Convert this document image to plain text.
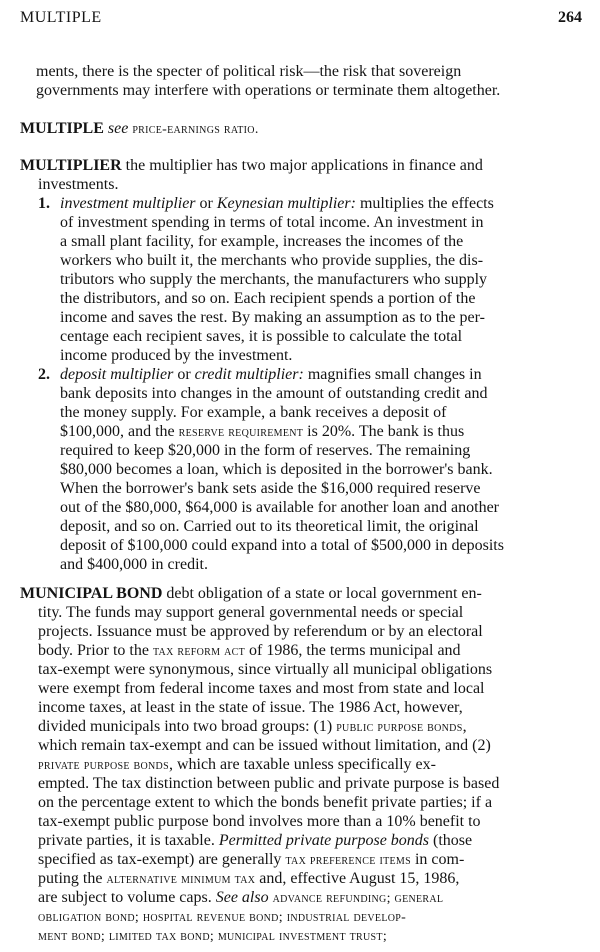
MULTIPLE	264
ments, there is the specter of political risk—the risk that sovereign
governments may interfere with operations or terminate them altogether.
MULTIPLE see price-earnings ratio.
MULTIPLIER the multiplier has two major applications in finance and
investments.
1. investment multiplier or Keynesian multiplier: multiplies the effects
of investment spending in terms of total income. An investment in
a small plant facility, for example, increases the incomes of the
workers who built it, the merchants who provide supplies, the dis-
tributors who supply the merchants, the manufacturers who supply
the distributors, and so on. Each recipient spends a portion of the
income and saves the rest. By making an assumption as to the per-
centage each recipient saves, it is possible to calculate the total
income produced by the investment.
2. deposit multiplier or credit multiplier: magnifies small changes in
bank deposits into changes in the amount of outstanding credit and
the money supply. For example, a bank receives a deposit of
$100,000, and the reserve requirement is 20%. The bank is thus
required to keep $20,000 in the form of reserves. The remaining
$80,000 becomes a loan, which is deposited in the borrower's bank.
When the borrower's bank sets aside the $16,000 required reserve
out of the $80,000, $64,000 is available for another loan and another
deposit, and so on. Carried out to its theoretical limit, the original
deposit of $100,000 could expand into a total of $500,000 in deposits
and $400,000 in credit.
MUNICIPAL BOND debt obligation of a state or local government en-
tity. The funds may support general governmental needs or special
projects. Issuance must be approved by referendum or by an electoral
body. Prior to the tax reform act of 1986, the terms municipal and
tax-exempt were synonymous, since virtually all municipal obligations
were exempt from federal income taxes and most from state and local
income taxes, at least in the state of issue. The 1986 Act, however,
divided municipals into two broad groups: (1) public purpose bonds,
which remain tax-exempt and can be issued without limitation, and (2)
private purpose bonds, which are taxable unless specifically ex-
empted. The tax distinction between public and private purpose is based
on the percentage extent to which the bonds benefit private parties; if a
tax-exempt public purpose bond involves more than a 10% benefit to
private parties, it is taxable. Permitted private purpose bonds (those
specified as tax-exempt) are generally tax preference items in com-
puting the alternative minimum tax and, effective August 15, 1986,
are subject to volume caps. See also advance refunding; general
obligation bond; hospital revenue bond; industrial develop-
ment bond; limited tax bond; municipal investment trust;
